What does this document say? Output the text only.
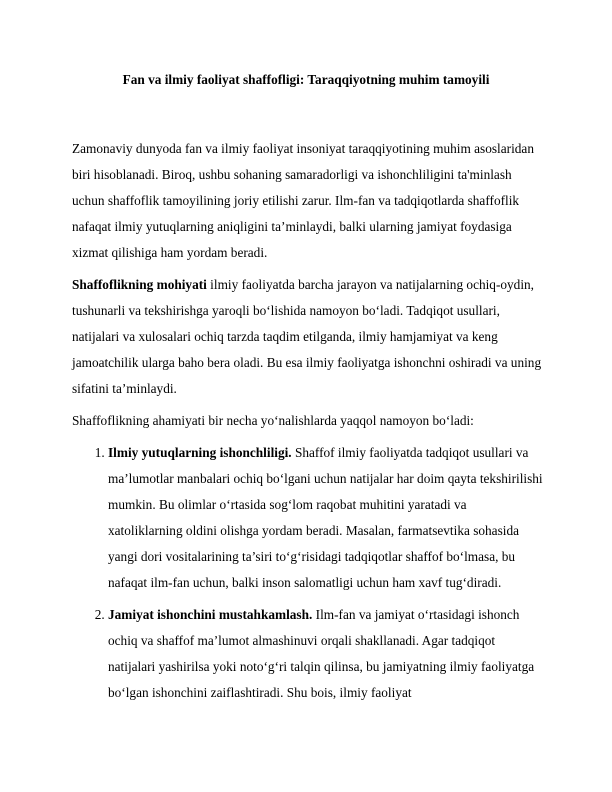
Fan va ilmiy faoliyat shaffofligi: Taraqqiyotning muhim tamoyili

Zamonaviy dunyoda fan va ilmiy faoliyat insoniyat taraqqiyotining muhim asoslaridan biri hisoblanadi. Biroq, ushbu sohaning samaradorligi va ishonchliligini ta'minlash uchun shaffoflik tamoyilining joriy etilishi zarur. Ilm-fan va tadqiqotlarda shaffoflik nafaqat ilmiy yutuqlarning aniqligini ta’minlaydi, balki ularning jamiyat foydasiga xizmat qilishiga ham yordam beradi.

Shaffoflikning mohiyati ilmiy faoliyatda barcha jarayon va natijalarning ochiq-oydin, tushunarli va tekshirishga yaroqli bo‘lishida namoyon bo‘ladi. Tadqiqot usullari, natijalari va xulosalari ochiq tarzda taqdim etilganda, ilmiy hamjamiyat va keng jamoatchilik ularga baho bera oladi. Bu esa ilmiy faoliyatga ishonchni oshiradi va uning sifatini ta’minlaydi.

Shaffoflikning ahamiyati bir necha yo‘nalishlarda yaqqol namoyon bo‘ladi:

1. Ilmiy yutuqlarning ishonchliligi. Shaffof ilmiy faoliyatda tadqiqot usullari va ma’lumotlar manbalari ochiq bo‘lgani uchun natijalar har doim qayta tekshirilishi mumkin. Bu olimlar o‘rtasida sog‘lom raqobat muhitini yaratadi va xatoliklarning oldini olishga yordam beradi. Masalan, farmatsevtika sohasida yangi dori vositalarining ta’siri to‘g‘risidagi tadqiqotlar shaffof bo‘lmasa, bu nafaqat ilm-fan uchun, balki inson salomatligi uchun ham xavf tug‘diradi.
2. Jamiyat ishonchini mustahkamlash. Ilm-fan va jamiyat o‘rtasidagi ishonch ochiq va shaffof ma’lumot almashinuvi orqali shakllanadi. Agar tadqiqot natijalari yashirilsa yoki noto‘g‘ri talqin qilinsa, bu jamiyatning ilmiy faoliyatga bo‘lgan ishonchini zaiflashtiradi. Shu bois, ilmiy faoliyat
